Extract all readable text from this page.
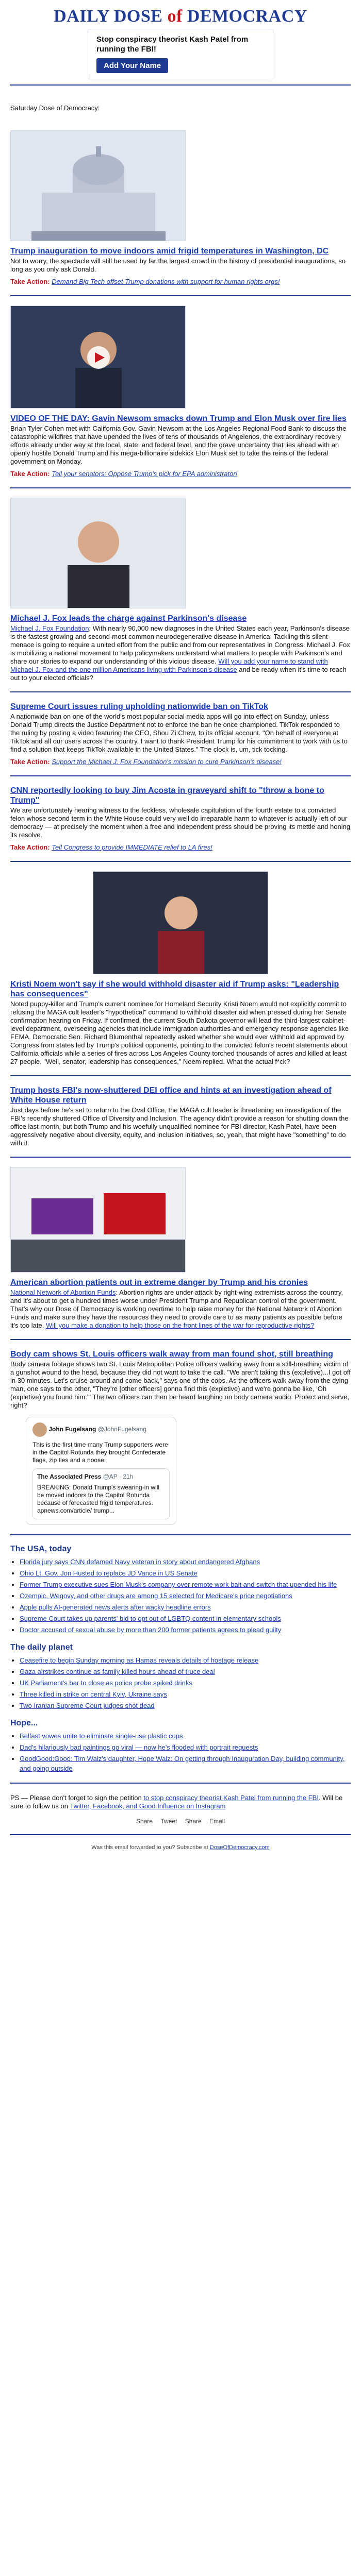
DAILY DOSE of DEMOCRACY
Stop conspiracy theorist Kash Patel from running the FBI!
Add Your Name
Saturday Dose of Democracy:
Trump inauguration to move indoors amid frigid temperatures in Washington, DC

Not to worry, the spectacle will still be used by far the largest crowd in the history of presidential inaugurations, so long as you only ask Donald.

Take Action: Demand Big Tech offset Trump donations with support for human rights orgs!

VIDEO OF THE DAY: Gavin Newsom smacks down Trump and Elon Musk over fire lies

Brian Tyler Cohen met with California Gov. Gavin Newsom at the Los Angeles Regional Food Bank to discuss the catastrophic wildfires that have upended the lives of tens of thousands of Angelenos, the extraordinary recovery efforts already under way at the local, state, and federal level, and the grave uncertainty that lies ahead with an openly hostile Donald Trump and his mega-billionaire sidekick Elon Musk set to take the reins of the federal government on Monday.

Take Action: Tell your senators: Oppose Trump's pick for EPA administrator!

Michael J. Fox leads the charge against Parkinson's disease

Michael J. Fox Foundation: With nearly 90,000 new diagnoses in the United States each year, Parkinson's disease is the fastest growing and second-most common neurodegenerative disease in America. Tackling this silent menace is going to require a united effort from the public and from our representatives in Congress. Michael J. Fox is mobilizing a national movement to help policymakers understand what matters to people with Parkinson's and share our stories to expand our understanding of this vicious disease. Will you add your name to stand with Michael J. Fox and the one million Americans living with Parkinson's disease and be ready when it's time to reach out to your elected officials?

Supreme Court issues ruling upholding nationwide ban on TikTok

A nationwide ban on one of the world's most popular social media apps will go into effect on Sunday, unless Donald Trump directs the Justice Department not to enforce the ban he once championed. TikTok responded to the ruling by posting a video featuring the CEO, Shou Zi Chew, to its official account. "On behalf of everyone at TikTok and all our users across the country, I want to thank President Trump for his commitment to work with us to find a solution that keeps TikTok available in the United States." The clock is, um, tick tocking.

Take Action: Support the Michael J. Fox Foundation's mission to cure Parkinson's disease!

CNN reportedly looking to buy Jim Acosta in graveyard shift to "throw a bone to Trump"

We are unfortunately hearing witness to the feckless, wholesale capitulation of the fourth estate to a convicted felon whose second term in the White House could very well do irreparable harm to whatever is actually left of our democracy — at precisely the moment when a free and independent press should be proving its mettle and honing its resolve.

Take Action: Tell Congress to provide IMMEDIATE relief to LA fires!

Kristi Noem won't say if she would withhold disaster aid if Trump asks: "Leadership has consequences"

Noted puppy-killer and Trump's current nominee for Homeland Security Kristi Noem would not explicitly commit to refusing the MAGA cult leader's "hypothetical" command to withhold disaster aid when pressed during her Senate confirmation hearing on Friday. If confirmed, the current South Dakota governor will lead the third-largest cabinet-level department, overseeing agencies that include immigration authorities and emergency response agencies like FEMA. Democratic Sen. Richard Blumenthal repeatedly asked whether she would ever withhold aid approved by Congress from states led by Trump's political opponents, pointing to the convicted felon's recent statements about California officials while a series of fires across Los Angeles County torched thousands of acres and killed at least 27 people. "Well, senator, leadership has consequences," Noem replied. What the actual f*ck?

Trump hosts FBI's now-shuttered DEI office and hints at an investigation ahead of White House return

Just days before he's set to return to the Oval Office, the MAGA cult leader is threatening an investigation of the FBI's recently shuttered Office of Diversity and Inclusion. The agency didn't provide a reason for shutting down the office last month, but both Trump and his woefully unqualified nominee for FBI director, Kash Patel, have been aggressively negative about diversity, equity, and inclusion initiatives, so, yeah, that might have "something" to do with it.

American abortion patients out in extreme danger by Trump and his cronies

National Network of Abortion Funds: Abortion rights are under attack by right-wing extremists across the country, and it's about to get a hundred times worse under President Trump and Republican control of the government. That's why our Dose of Democracy is working overtime to help raise money for the National Network of Abortion Funds and make sure they have the resources they need to provide care to as many patients as possible before it's too late. Will you make a donation to help those on the front lines of the war for reproductive rights?

Body cam shows St. Louis officers walk away from man found shot, still breathing

Body camera footage shows two St. Louis Metropolitan Police officers walking away from a still-breathing victim of a gunshot wound to the head, because they did not want to take the call. "We aren't taking this (expletive)...I got off in 30 minutes. Let's cruise around and come back," says one of the cops. As the officers walk away from the dying man, one says to the other, "They're [other officers] gonna find this (expletive) and we're gonna be like, 'Oh (expletive) you found him.'" The two officers can then be heard laughing on body camera audio. Protect and serve, right?

John Fugelsang @JohnFugelsang

This is the first time many Trump supporters were in the Capitol Rotunda they brought Confederate flags, zip ties and a noose.

The Associated Press @AP · 21h

BREAKING: Donald Trump's swearing-in will be moved indoors to the Capitol Rotunda because of forecasted frigid temperatures. apnews.com/article/ trump...

The USA, today
• Florida jury says CNN defamed Navy veteran in story about endangered Afghans
• Ohio Lt. Gov. Jon Husted to replace JD Vance in US Senate
• Former Trump executive sues Elon Musk's company over remote work bait and switch that upended his life
• Ozempic, Wegovy, and other drugs are among 15 selected for Medicare's price negotiations
• Apple pulls AI-generated news alerts after wacky headline errors
• Supreme Court takes up parents' bid to opt out of LGBTQ content in elementary schools
• Doctor accused of sexual abuse by more than 200 former patients agrees to plead guilty
The daily planet
• Ceasefire to begin Sunday morning as Hamas reveals details of hostage release
• Gaza airstrikes continue as family killed hours ahead of truce deal
• UK Parliament's bar to close as police probe spiked drinks
• Three killed in strike on central Kyiv, Ukraine says
• Two Iranian Supreme Court judges shot dead
Hope...
• Belfast vowes unite to eliminate single-use plastic cups
• Dad's hilariously bad paintings go viral — now he's flooded with portrait requests
• GoodGood:Good: Tim Walz's daughter, Hope Walz: On getting through Inauguration Day, building community, and going outside

PS — Please don't forget to sign the petition to stop conspiracy theorist Kash Patel from running the FBI. Will be sure to follow us on Twitter, Facebook, and Good Influence on Instagram

Share Tweet Share Email
Was this email forwarded to you? Subscribe at DoseOfDemocracy.com
